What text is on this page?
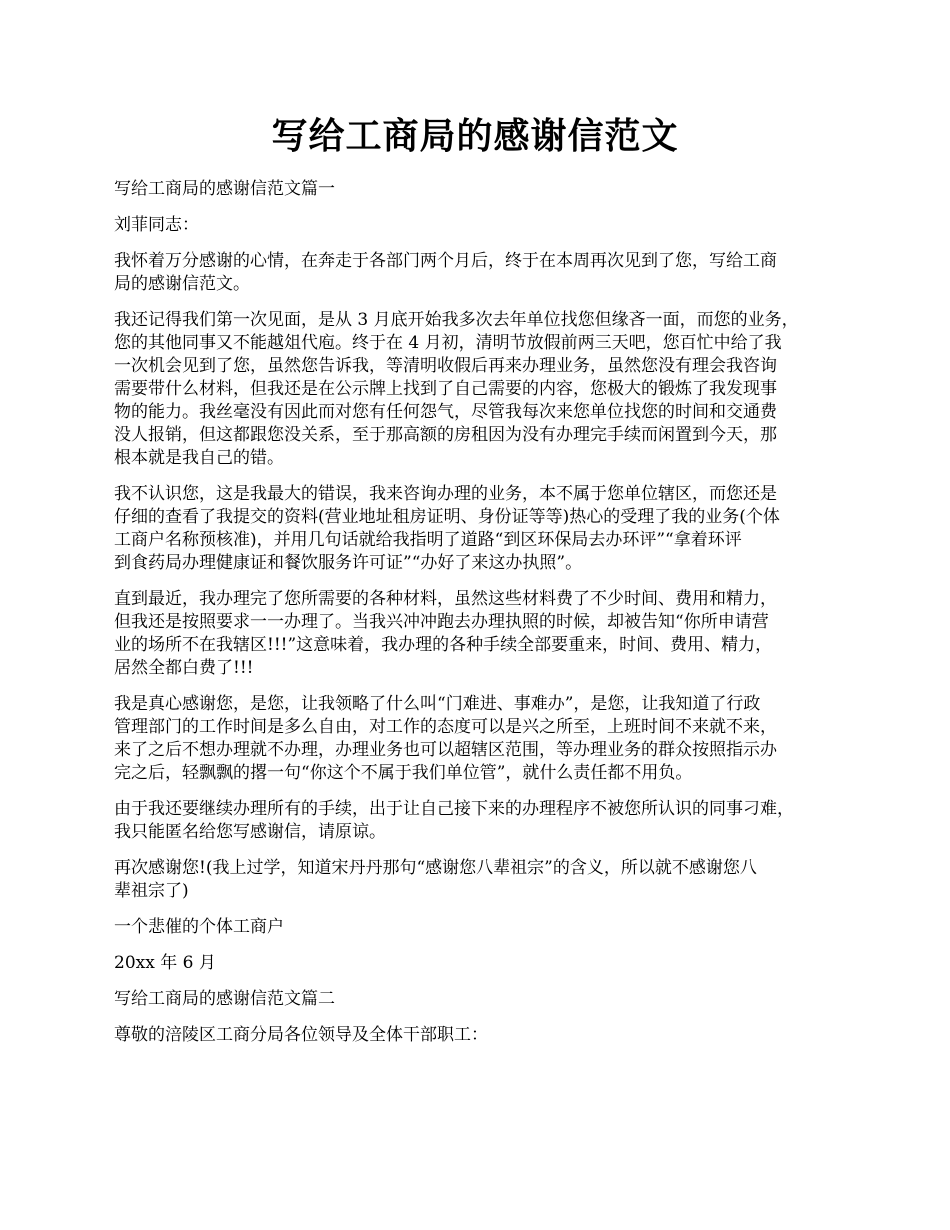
写给工商局的感谢信范文
写给工商局的感谢信范文篇一
刘菲同志：
我怀着万分感谢的心情，在奔走于各部门两个月后，终于在本周再次见到了您，写给工商
局的感谢信范文。
我还记得我们第一次见面，是从 3 月底开始我多次去年单位找您但缘吝一面，而您的业务，
您的其他同事又不能越俎代庖。终于在 4 月初，清明节放假前两三天吧，您百忙中给了我
一次机会见到了您，虽然您告诉我，等清明收假后再来办理业务，虽然您没有理会我咨询
需要带什么材料，但我还是在公示牌上找到了自己需要的内容，您极大的锻炼了我发现事
物的能力。我丝毫没有因此而对您有任何怨气，尽管我每次来您单位找您的时间和交通费
没人报销，但这都跟您没关系，至于那高额的房租因为没有办理完手续而闲置到今天，那
根本就是我自己的错。
我不认识您，这是我最大的错误，我来咨询办理的业务，本不属于您单位辖区，而您还是
仔细的查看了我提交的资料(营业地址租房证明、身份证等等)热心的受理了我的业务(个体
工商户名称预核准)，并用几句话就给我指明了道路“到区环保局去办环评”“拿着环评
到食药局办理健康证和餐饮服务许可证”“办好了来这办执照”。
直到最近，我办理完了您所需要的各种材料，虽然这些材料费了不少时间、费用和精力，
但我还是按照要求一一办理了。当我兴冲冲跑去办理执照的时候，却被告知“你所申请营
业的场所不在我辖区!!!”这意味着，我办理的各种手续全部要重来，时间、费用、精力，
居然全都白费了!!!
我是真心感谢您，是您，让我领略了什么叫“门难进、事难办”，是您，让我知道了行政
管理部门的工作时间是多么自由，对工作的态度可以是兴之所至，上班时间不来就不来，
来了之后不想办理就不办理，办理业务也可以超辖区范围，等办理业务的群众按照指示办
完之后，轻飘飘的撂一句“你这个不属于我们单位管”，就什么责任都不用负。
由于我还要继续办理所有的手续，出于让自己接下来的办理程序不被您所认识的同事刁难，
我只能匿名给您写感谢信，请原谅。
再次感谢您!(我上过学，知道宋丹丹那句“感谢您八辈祖宗”的含义，所以就不感谢您八
辈祖宗了)
一个悲催的个体工商户
20xx 年 6 月
写给工商局的感谢信范文篇二
尊敬的涪陵区工商分局各位领导及全体干部职工：
